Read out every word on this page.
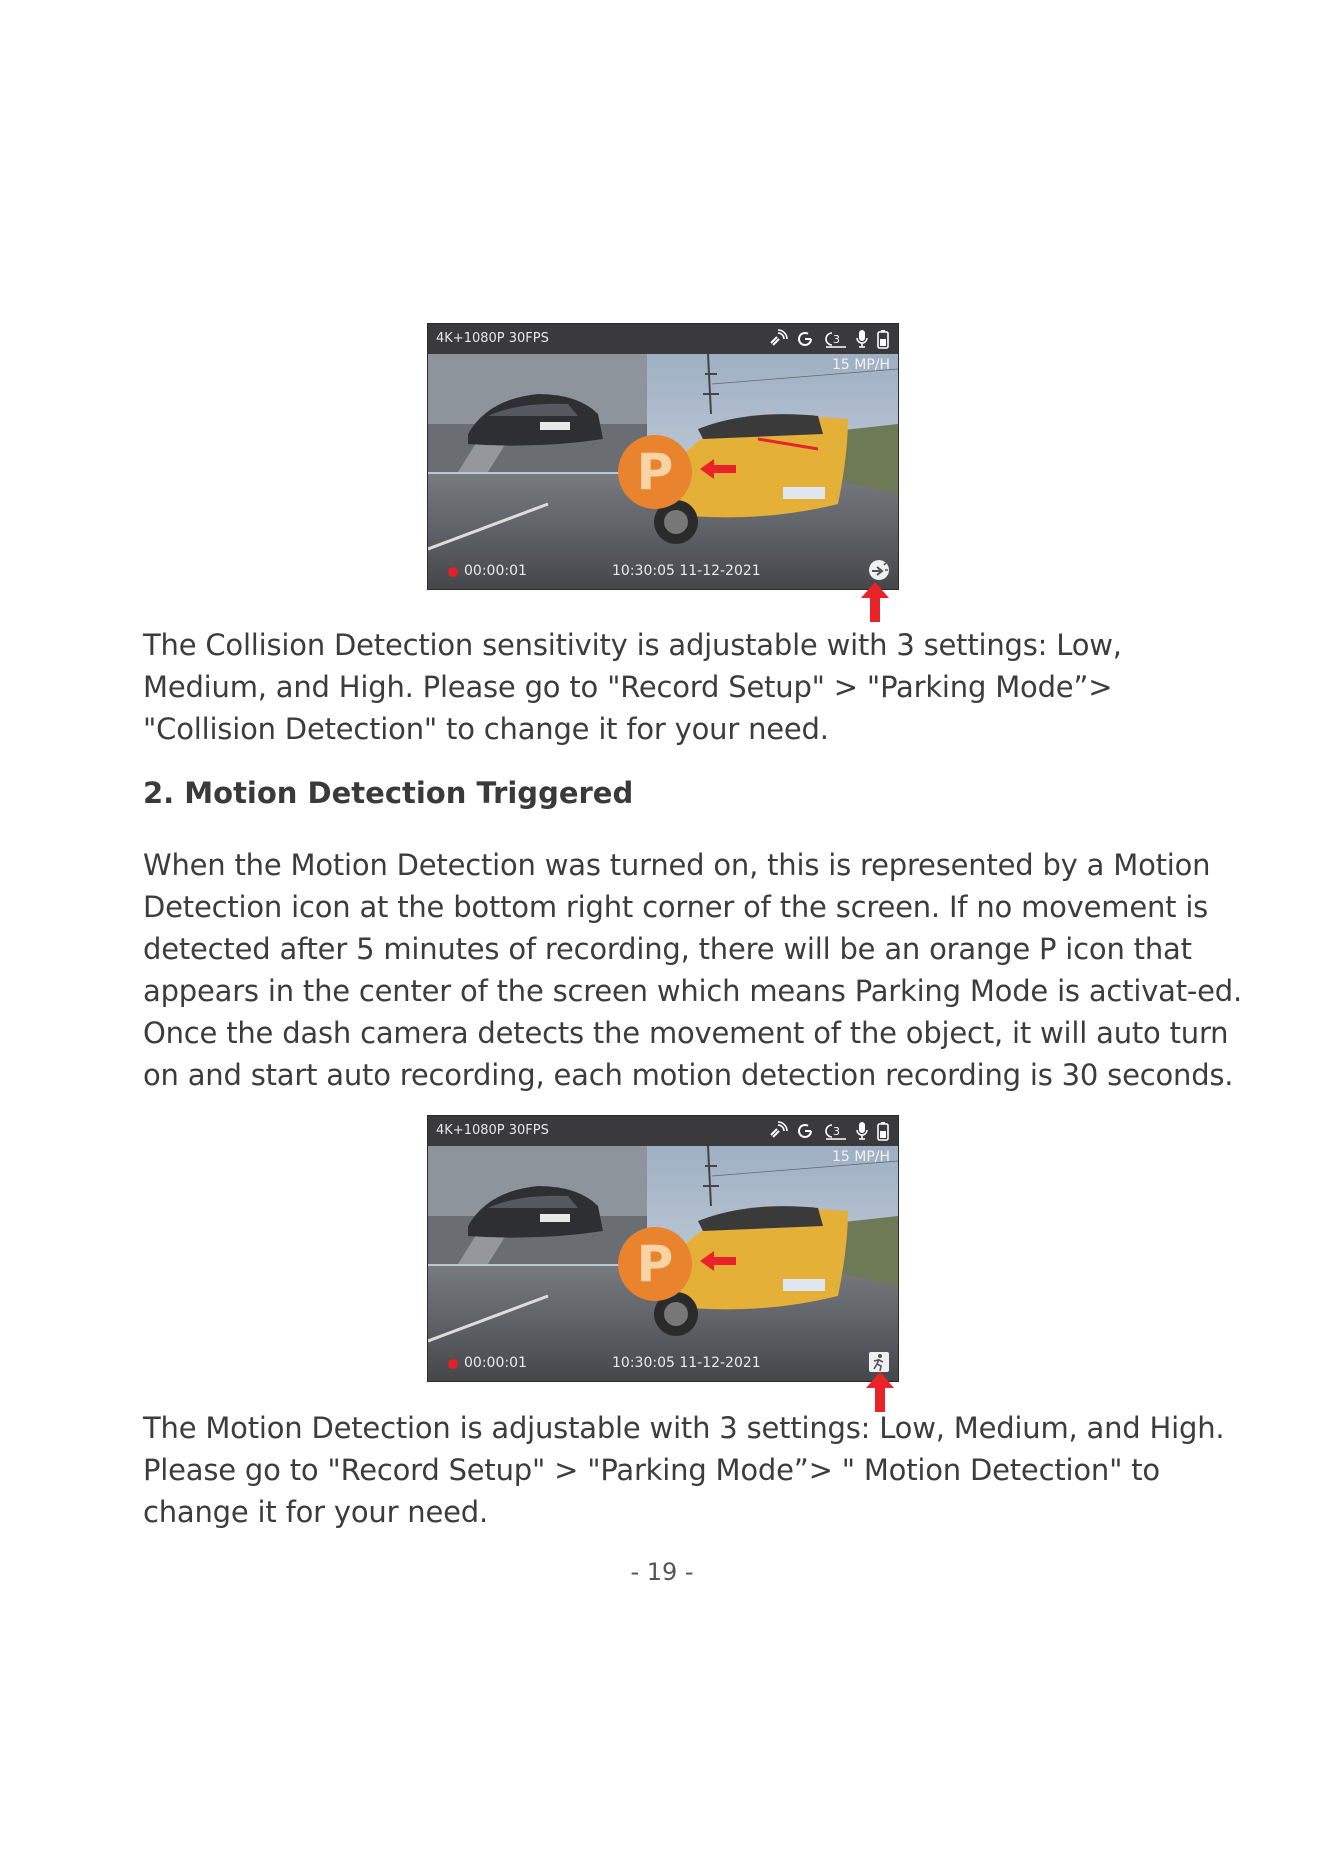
4K+1080P 30FPS	3
15 MP/H
P
00:00:01	10:30:05 11-12-2021

The Collision Detection sensitivity is adjustable with 3 settings: Low, Medium, and High. Please go to "Record Setup" > "Parking Mode”> "Collision Detection" to change it for your need.

2. Motion Detection Triggered

When the Motion Detection was turned on, this is represented by a Motion Detection icon at the bottom right corner of the screen. If no movement is detected after 5 minutes of recording, there will be an orange P icon that appears in the center of the screen which means Parking Mode is activat-ed. Once the dash camera detects the movement of the object, it will auto turn on and start auto recording, each motion detection recording is 30 seconds.

4K+1080P 30FPS	3
15 MP/H
P
00:00:01	10:30:05 11-12-2021

The Motion Detection is adjustable with 3 settings: Low, Medium, and High. Please go to "Record Setup" > "Parking Mode”> " Motion Detection" to change it for your need.

- 19 -
